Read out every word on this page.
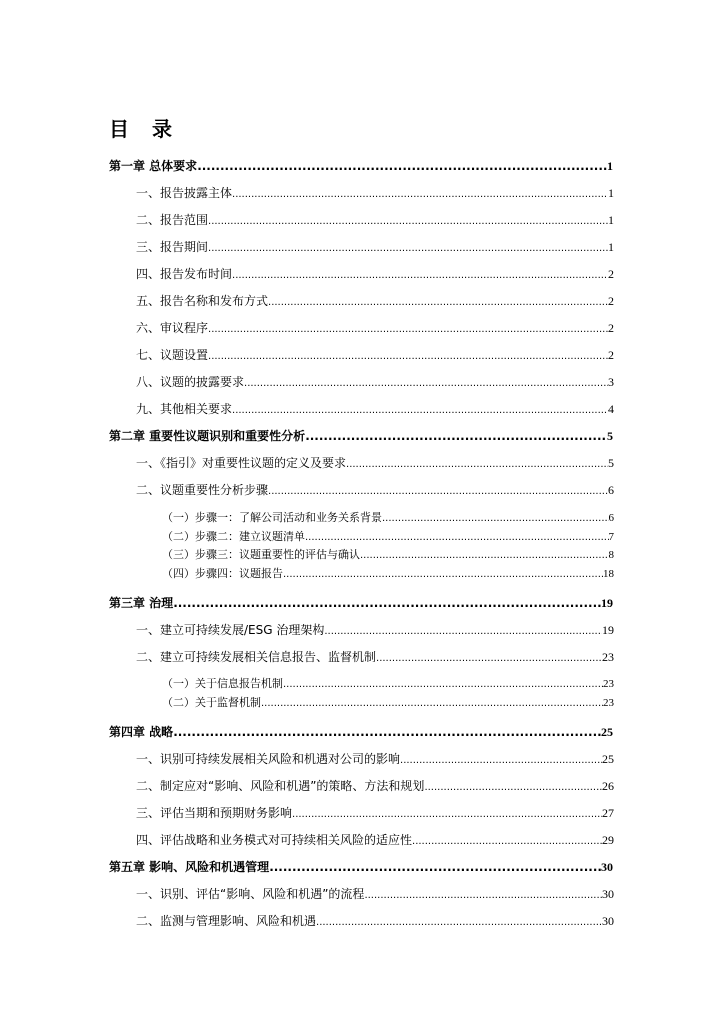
目 录
第一章 总体要求 .....	1
一、报告披露主体 .....	1
二、报告范围 .....	1
三、报告期间 .....	1
四、报告发布时间 .....	2
五、报告名称和发布方式 .....	2
六、审议程序 .....	2
七、议题设置 .....	2
八、议题的披露要求 .....	3
九、其他相关要求 .....	4
第二章 重要性议题识别和重要性分析 .....	5
一、《指引》对重要性议题的定义及要求 .....	5
二、议题重要性分析步骤 .....	6
（一）步骤一：了解公司活动和业务关系背景 .....	6
（二）步骤二：建立议题清单 .....	7
（三）步骤三：议题重要性的评估与确认 .....	8
（四）步骤四：议题报告 .....	18
第三章 治理 .....	19
一、建立可持续发展/ESG 治理架构 .....	19
二、建立可持续发展相关信息报告、监督机制 .....	23
（一）关于信息报告机制 .....	23
（二）关于监督机制 .....	23
第四章 战略 .....	25
一、识别可持续发展相关风险和机遇对公司的影响 .....	25
二、制定应对“影响、风险和机遇”的策略、方法和规划 .....	26
三、评估当期和预期财务影响 .....	27
四、评估战略和业务模式对可持续相关风险的适应性 .....	29
第五章 影响、风险和机遇管理 .....	30
一、识别、评估“影响、风险和机遇”的流程 .....	30
二、监测与管理影响、风险和机遇 .....	30
